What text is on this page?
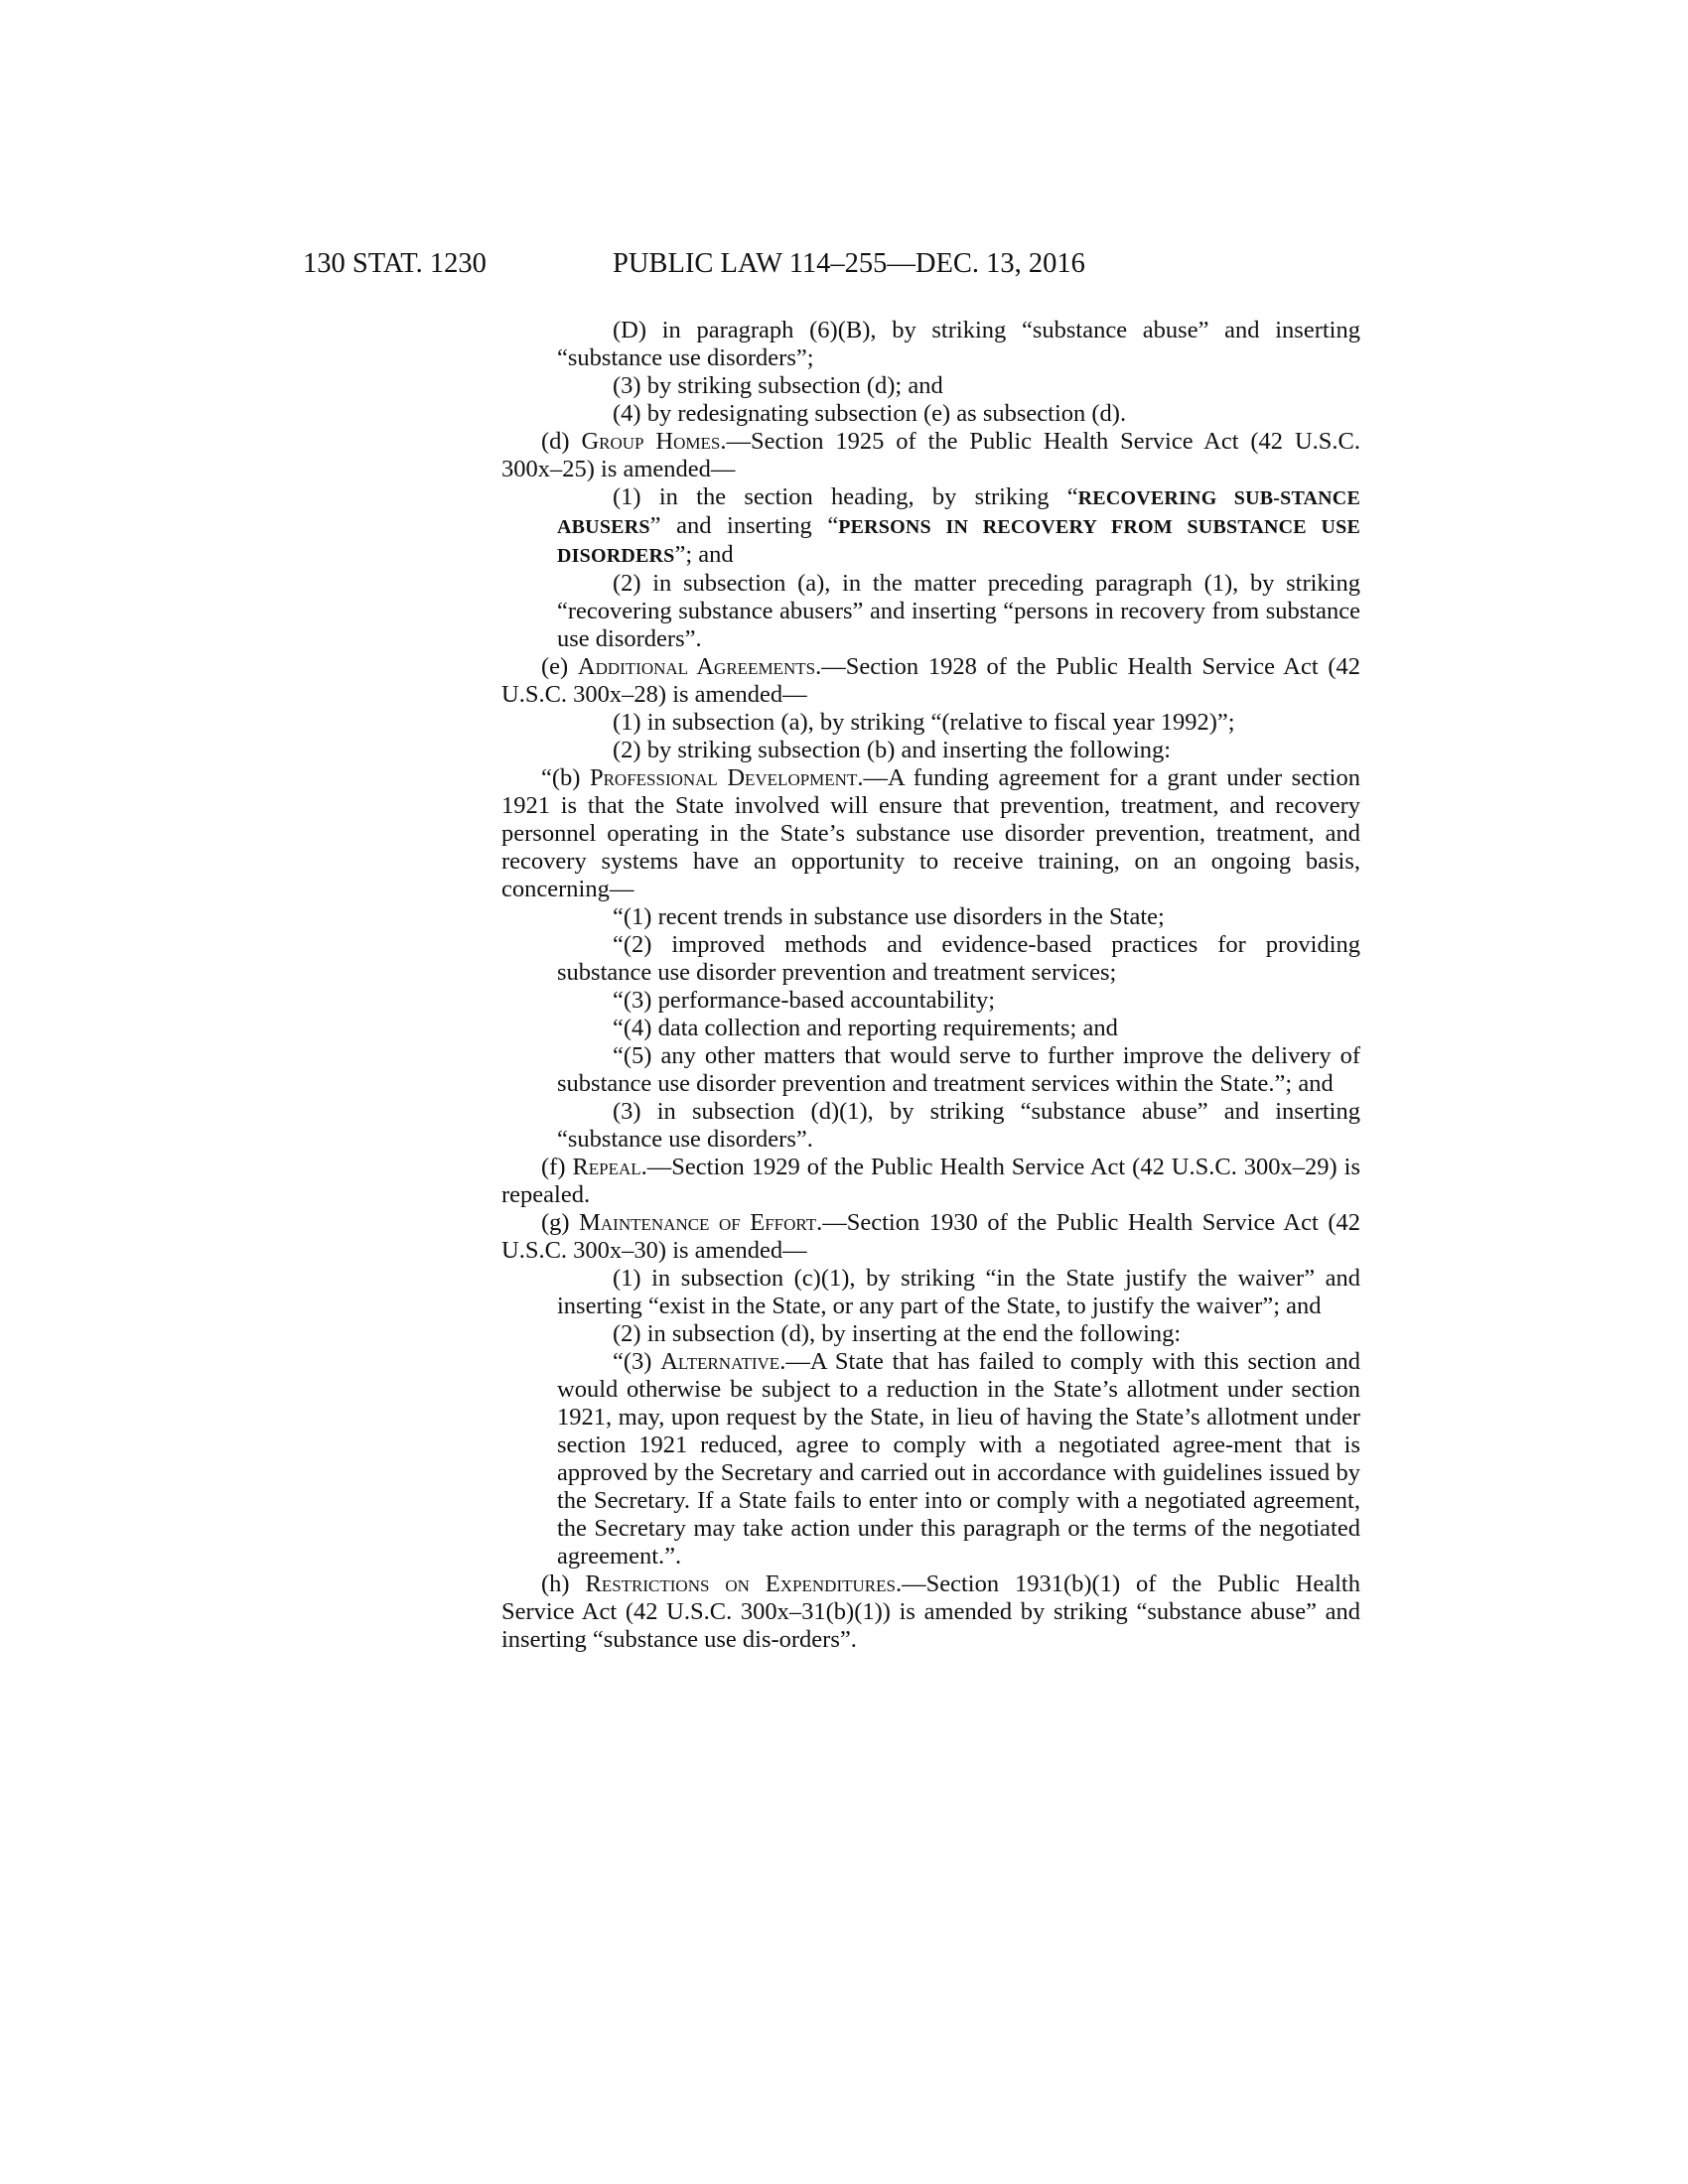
130 STAT. 1230	PUBLIC LAW 114–255—DEC. 13, 2016

(D) in paragraph (6)(B), by striking “substance abuse” and inserting “substance use disorders”;

(3) by striking subsection (d); and

(4) by redesignating subsection (e) as subsection (d).

(d) Group Homes.—Section 1925 of the Public Health Service Act (42 U.S.C. 300x–25) is amended—

(1) in the section heading, by striking “RECOVERING SUB-STANCE ABUSERS” and inserting “PERSONS IN RECOVERY FROM SUBSTANCE USE DISORDERS”; and

(2) in subsection (a), in the matter preceding paragraph (1), by striking “recovering substance abusers” and inserting “persons in recovery from substance use disorders”.

(e) Additional Agreements.—Section 1928 of the Public Health Service Act (42 U.S.C. 300x–28) is amended—

(1) in subsection (a), by striking “(relative to fiscal year 1992)”;

(2) by striking subsection (b) and inserting the following:

“(b) Professional Development.—A funding agreement for a grant under section 1921 is that the State involved will ensure that prevention, treatment, and recovery personnel operating in the State’s substance use disorder prevention, treatment, and recovery systems have an opportunity to receive training, on an ongoing basis, concerning—

“(1) recent trends in substance use disorders in the State;

“(2) improved methods and evidence-based practices for providing substance use disorder prevention and treatment services;

“(3) performance-based accountability;

“(4) data collection and reporting requirements; and

“(5) any other matters that would serve to further improve the delivery of substance use disorder prevention and treatment services within the State.”; and

(3) in subsection (d)(1), by striking “substance abuse” and inserting “substance use disorders”.

(f) Repeal.—Section 1929 of the Public Health Service Act (42 U.S.C. 300x–29) is repealed.

(g) Maintenance of Effort.—Section 1930 of the Public Health Service Act (42 U.S.C. 300x–30) is amended—

(1) in subsection (c)(1), by striking “in the State justify the waiver” and inserting “exist in the State, or any part of the State, to justify the waiver”; and

(2) in subsection (d), by inserting at the end the following:

“(3) Alternative.—A State that has failed to comply with this section and would otherwise be subject to a reduction in the State’s allotment under section 1921, may, upon request by the State, in lieu of having the State’s allotment under section 1921 reduced, agree to comply with a negotiated agree-ment that is approved by the Secretary and carried out in accordance with guidelines issued by the Secretary. If a State fails to enter into or comply with a negotiated agreement, the Secretary may take action under this paragraph or the terms of the negotiated agreement.”.

(h) Restrictions on Expenditures.—Section 1931(b)(1) of the Public Health Service Act (42 U.S.C. 300x–31(b)(1)) is amended by striking “substance abuse” and inserting “substance use dis-orders”.
